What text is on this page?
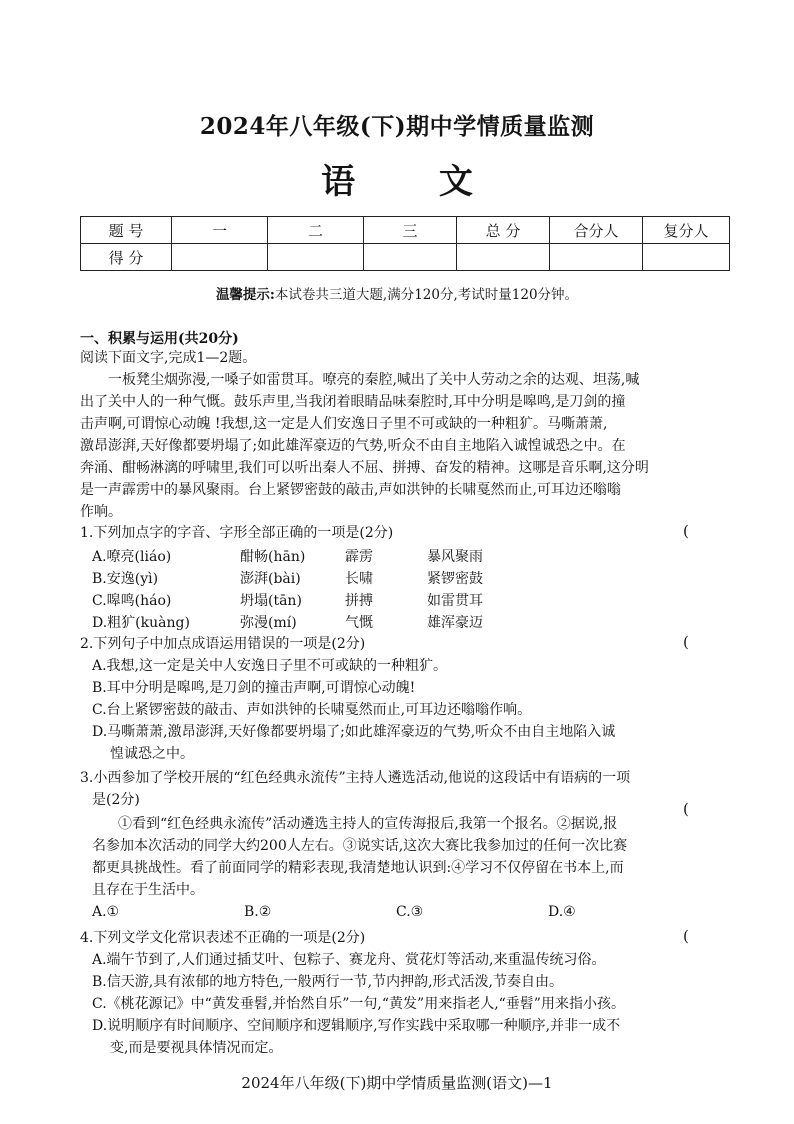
2024年八年级(下)期中学情质量监测
语 文
题 号	一	二	三	总 分	合分人	复分人
得 分						
温馨提示:本试卷共三道大题,满分120分,考试时量120分钟。
一、积累与运用(共20分)
阅读下面文字,完成1—2题。
一板凳尘烟弥漫,一嗓子如雷贯耳。嘹亮的秦腔,喊出了关中人劳动之余的达观、坦荡,喊
出了关中人的一种气慨。鼓乐声里,当我闭着眼睛品味秦腔时,耳中分明是嗥鸣,是刀剑的撞
击声啊,可谓惊心动魄 !我想,这一定是人们安逸日子里不可或缺的一种粗犷。马嘶萧萧,
激昂澎湃,天好像都要坍塌了;如此雄浑豪迈的气势,听众不由自主地陷入诚惶诚恐之中。在
奔涌、酣畅淋漓的呼啸里,我们可以听出秦人不屈、拼搏、奋发的精神。这哪是音乐啊,这分明
是一声霹雳中的暴风聚雨。台上紧锣密鼓的敲击,声如洪钟的长啸戛然而止,可耳边还嗡嗡
作响。
1.下列加点字的字音、字形全部正确的一项是(2分)	(
A.嘹亮(liáo)	酣畅(hān)	霹雳	暴风聚雨
B.安逸(yì)	澎湃(bài)	长啸	紧锣密鼓
C.嗥鸣(háo)	坍塌(tān)	拼搏	如雷贯耳
D.粗犷(kuàng)	弥漫(mí)	气慨	雄浑豪迈
2.下列句子中加点成语运用错误的一项是(2分)	(
A.我想,这一定是关中人安逸日子里不可或缺的一种粗犷。
B.耳中分明是嗥鸣,是刀剑的撞击声啊,可谓惊心动魄!
C.台上紧锣密鼓的敲击、声如洪钟的长啸戛然而止,可耳边还嗡嗡作响。
D.马嘶萧萧,激昂澎湃,天好像都要坍塌了;如此雄浑豪迈的气势,听众不由自主地陷入诚
惶诚恐之中。
3.小西参加了学校开展的“红色经典永流传”主持人遴选活动,他说的这段话中有语病的一项
是(2分)	(
①看到“红色经典永流传”活动遴选主持人的宣传海报后,我第一个报名。②据说,报
名参加本次活动的同学大约200人左右。③说实话,这次大赛比我参加过的任何一次比赛
都更具挑战性。看了前面同学的精彩表现,我清楚地认识到:④学习不仅停留在书本上,而
且存在于生活中。
A.①	B.②	C.③	D.④
4.下列文学文化常识表述不正确的一项是(2分)	(
A.端午节到了,人们通过插艾叶、包粽子、赛龙舟、赏花灯等活动,来重温传统习俗。
B.信天游,具有浓郁的地方特色,一般两行一节,节内押韵,形式活泼,节奏自由。
C.《桃花源记》中“黄发垂髫,并怡然自乐”一句,“黄发”用来指老人,“垂髫”用来指小孩。
D.说明顺序有时间顺序、空间顺序和逻辑顺序,写作实践中采取哪一种顺序,并非一成不
变,而是要视具体情况而定。
2024年八年级(下)期中学情质量监测(语文)—1
